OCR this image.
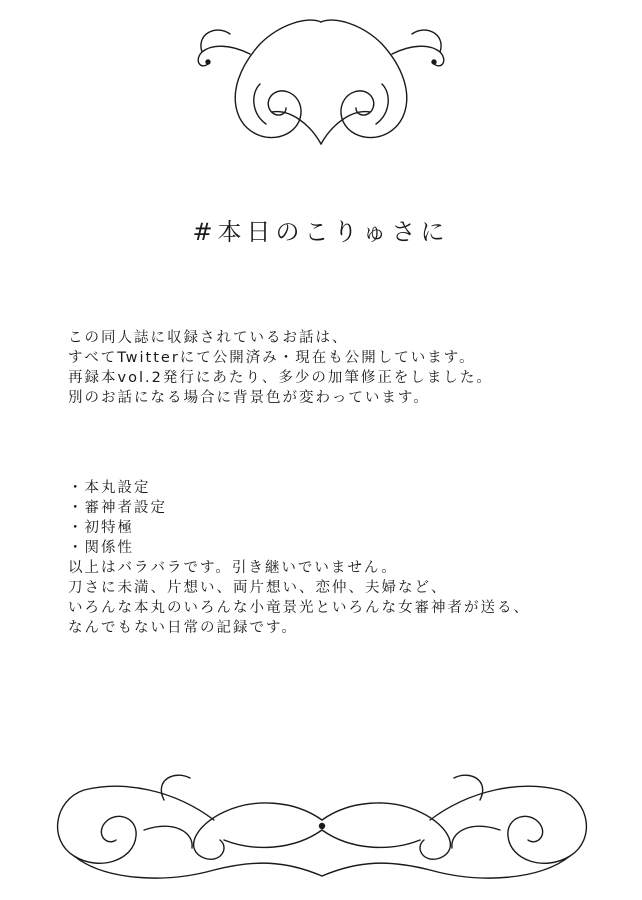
#本日のこりゅさに
この同人誌に収録されているお話は、
すべてTwitterにて公開済み・現在も公開しています。
再録本vol.2発行にあたり、多少の加筆修正をしました。
別のお話になる場合に背景色が変わっています。
・本丸設定
・審神者設定
・初特極
・関係性
以上はバラバラです。引き継いでいません。
刀さに未満、片想い、両片想い、恋仲、夫婦など、
いろんな本丸のいろんな小竜景光といろんな女審神者が送る、
なんでもない日常の記録です。
